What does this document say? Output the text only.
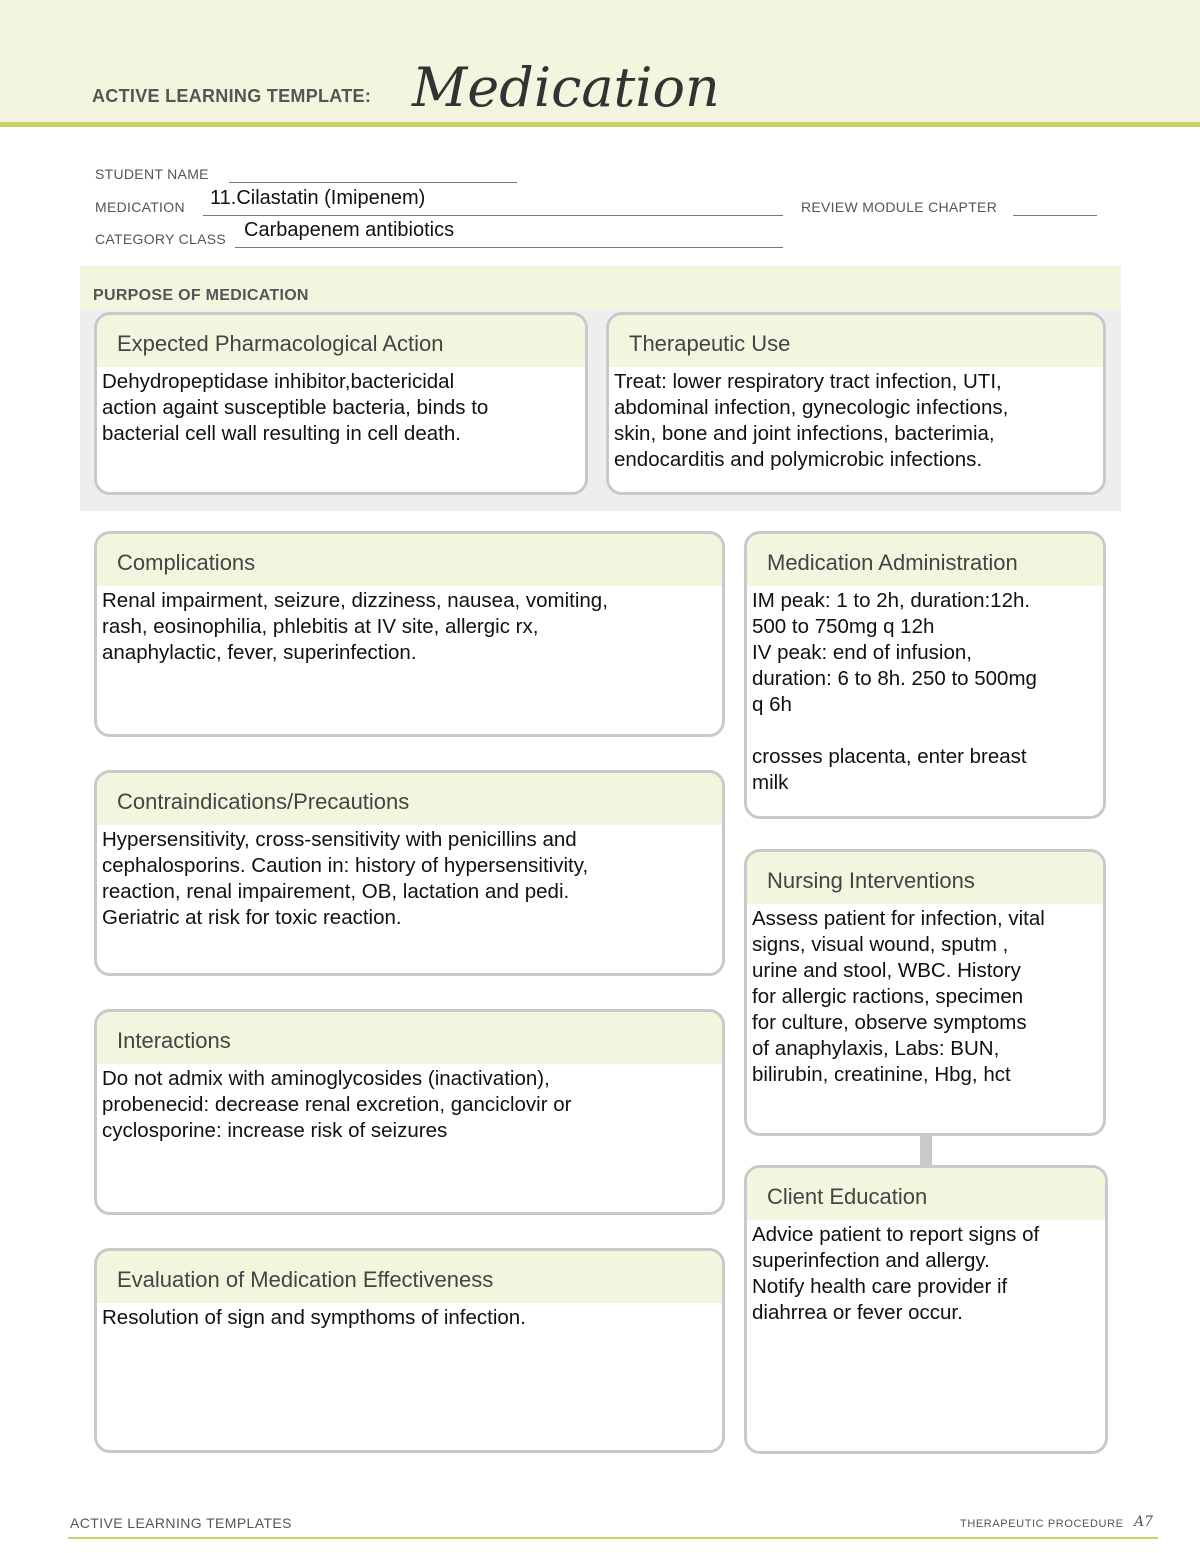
ACTIVE LEARNING TEMPLATE: Medication
STUDENT NAME
MEDICATION 11.Cilastatin (Imipenem)	REVIEW MODULE CHAPTER
CATEGORY CLASS Carbapenem antibiotics
PURPOSE OF MEDICATION
Expected Pharmacological Action
Dehydropeptidase inhibitor,bactericidal
action againt susceptible bacteria, binds to
bacterial cell wall resulting in cell death.
Therapeutic Use
Treat: lower respiratory tract infection, UTI,
abdominal infection, gynecologic infections,
skin, bone and joint infections, bacterimia,
endocarditis and polymicrobic infections.
Complications
Renal impairment, seizure, dizziness, nausea, vomiting,
rash, eosinophilia, phlebitis at IV site, allergic rx,
anaphylactic, fever, superinfection.
Contraindications/Precautions
Hypersensitivity, cross-sensitivity with penicillins and
cephalosporins. Caution in: history of hypersensitivity,
reaction, renal impairement, OB, lactation and pedi.
Geriatric at risk for toxic reaction.
Interactions
Do not admix with aminoglycosides (inactivation),
probenecid: decrease renal excretion, ganciclovir or
cyclosporine: increase risk of seizures
Evaluation of Medication Effectiveness
Resolution of sign and sympthoms of infection.
Medication Administration
IM peak: 1 to 2h, duration:12h.
500 to 750mg q 12h
IV peak: end of infusion,
duration: 6 to 8h. 250 to 500mg
q 6h

crosses placenta, enter breast
milk
Nursing Interventions
Assess patient for infection, vital
signs, visual wound, sputm ,
urine and stool, WBC. History
for allergic ractions, specimen
for culture, observe symptoms
of anaphylaxis, Labs: BUN,
bilirubin, creatinine, Hbg, hct
Client Education
Advice patient to report signs of
superinfection and allergy.
Notify health care provider if
diahrrea or fever occur.
ACTIVE LEARNING TEMPLATES	THERAPEUTIC PROCEDURE A7
